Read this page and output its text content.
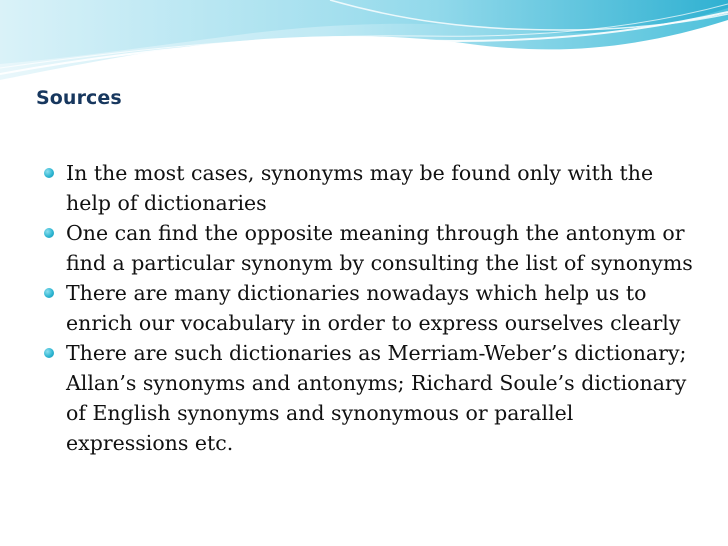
Sources
In the most cases, synonyms may be found only with the help of dictionaries
One can find the opposite meaning through the antonym or find a particular synonym by consulting the list of synonyms
There are many dictionaries nowadays which help us to enrich our vocabulary in order to express ourselves clearly
There are such dictionaries as Merriam-Weber’s dictionary; Allan’s synonyms and antonyms; Richard Soule’s dictionary of English synonyms and synonymous or parallel expressions etc.
